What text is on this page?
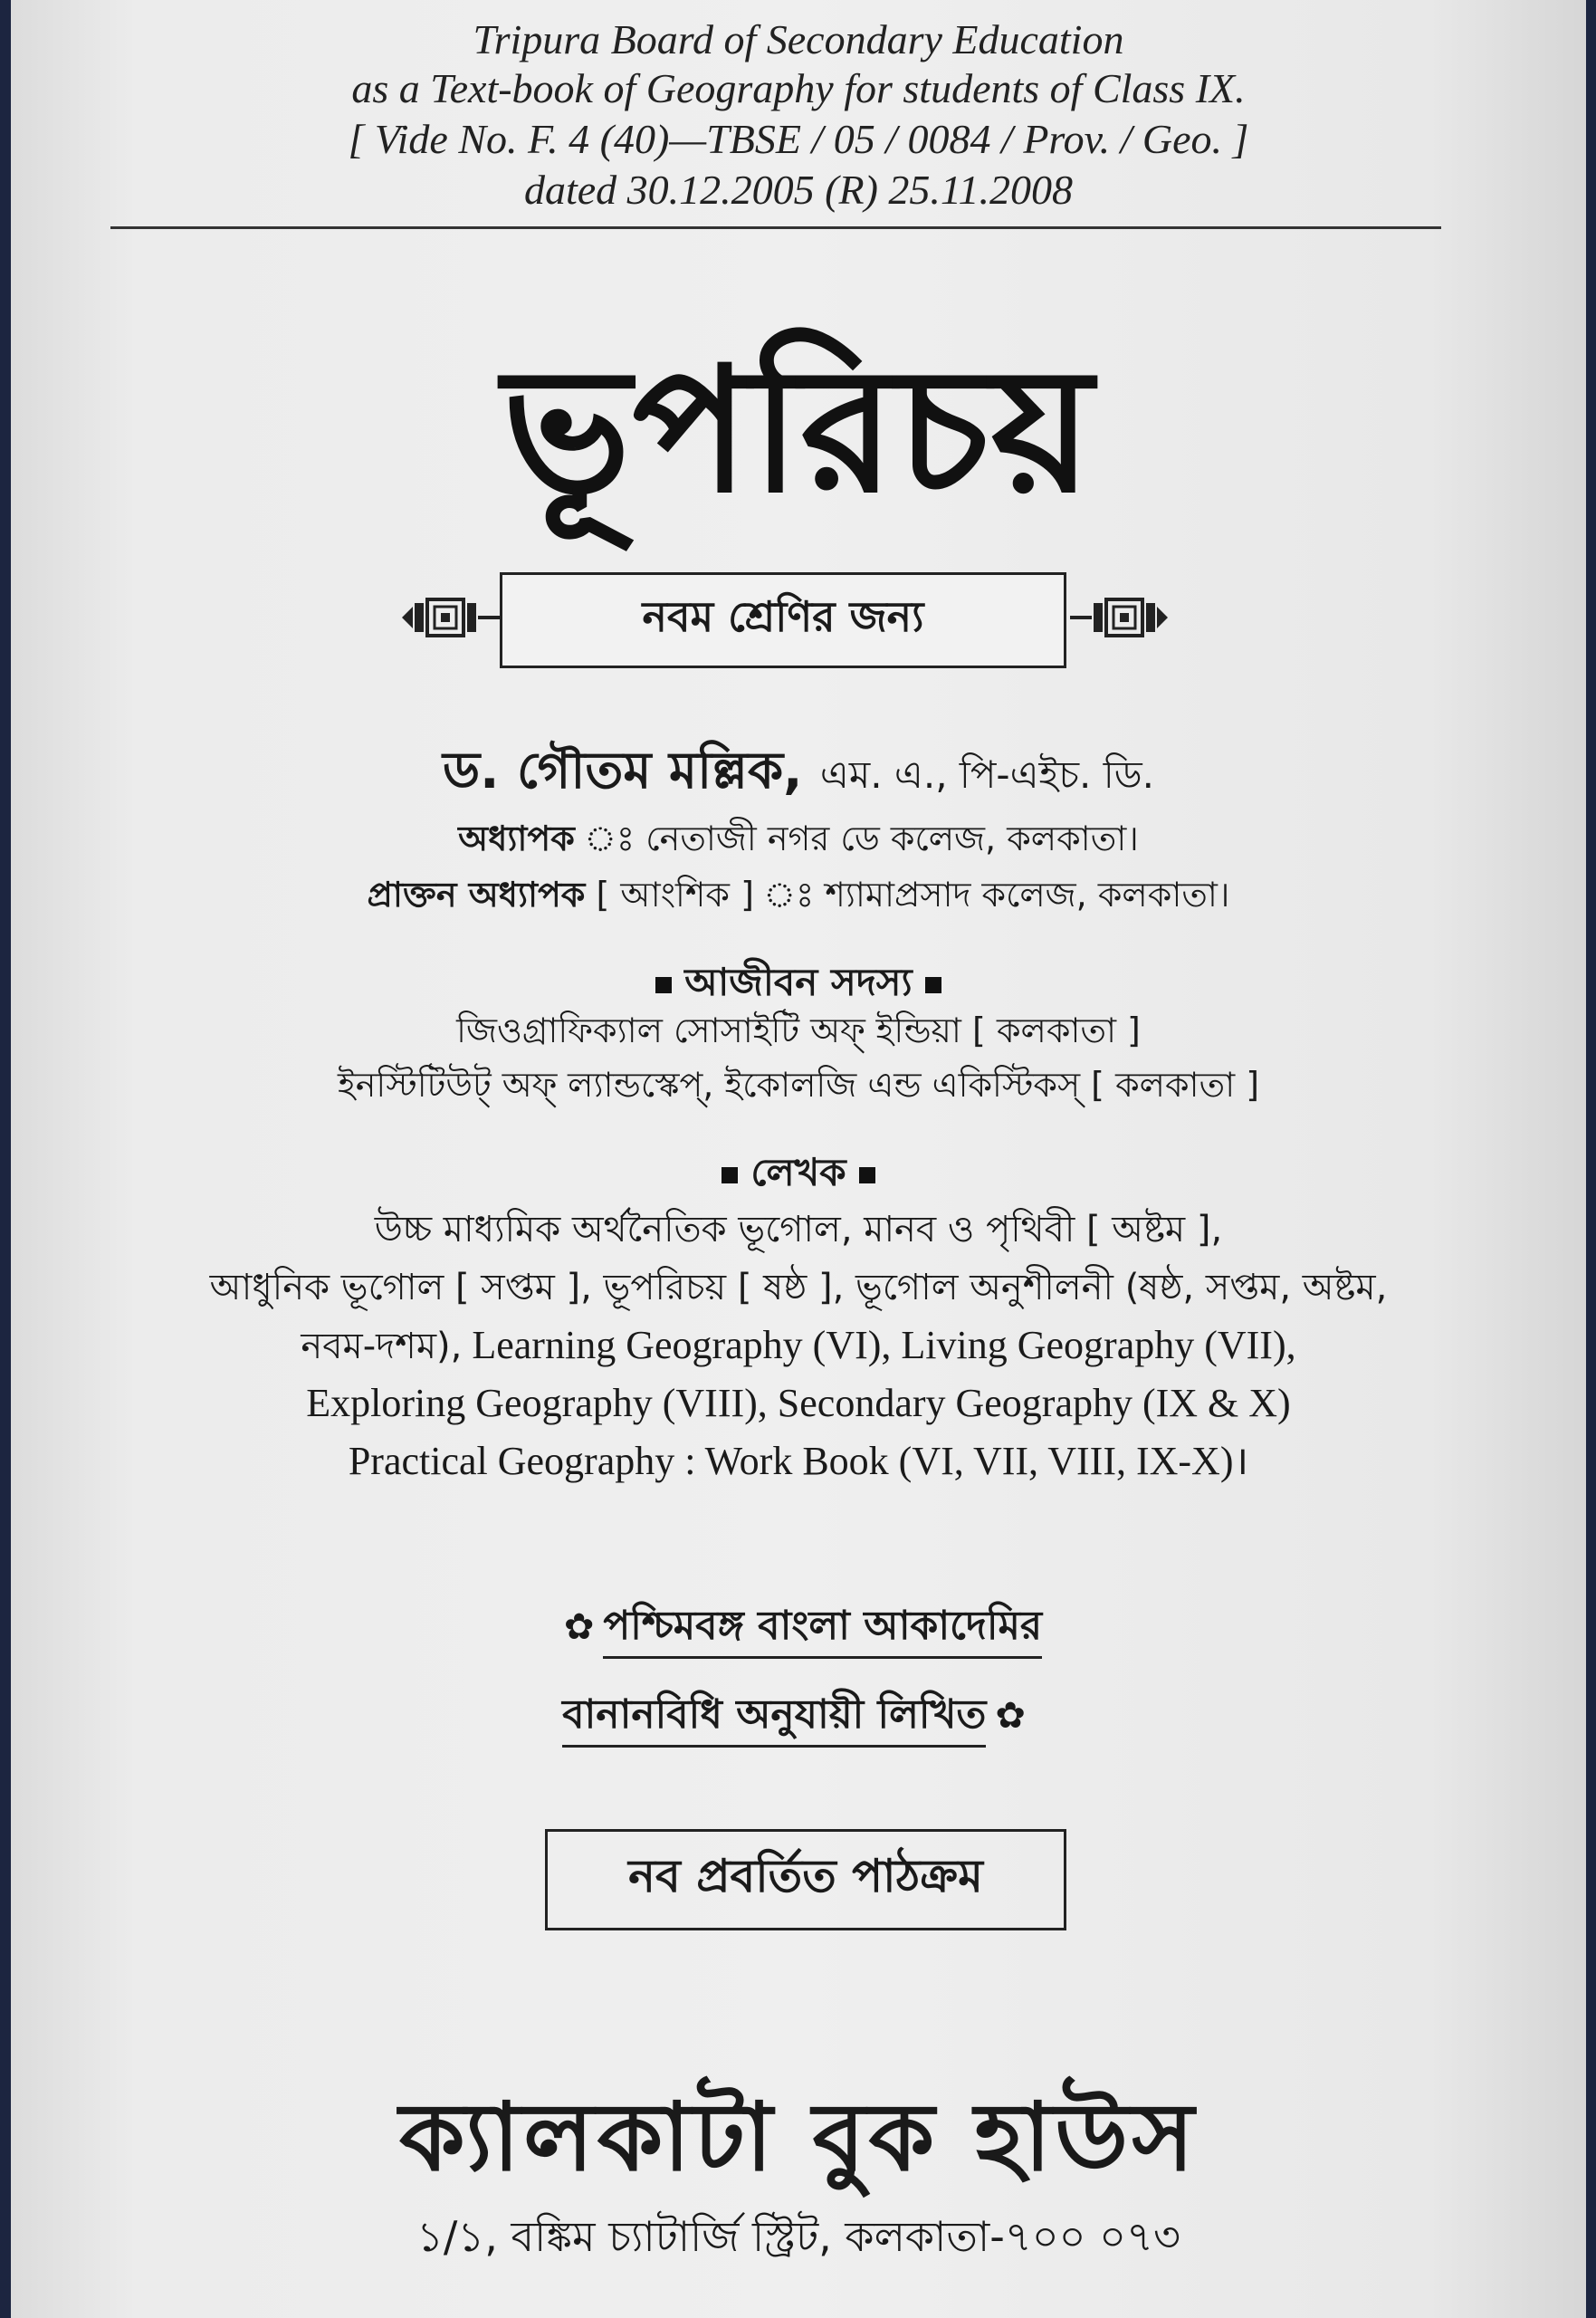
Tripura Board of Secondary Education
as a Text-book of Geography for students of Class IX.
[ Vide No. F. 4 (40)—TBSE / 05 / 0084 / Prov. / Geo. ]
dated 30.12.2005 (R) 25.11.2008
ভূপরিচয়
নবম শ্রেণির জন্য
ড. গৌতম মল্লিক, এম. এ., পি-এইচ. ডি.
অধ্যাপক ঃ নেতাজী নগর ডে কলেজ, কলকাতা।
প্রাক্তন অধ্যাপক [ আংশিক ] ঃ শ্যামাপ্রসাদ কলেজ, কলকাতা।
আজীবন সদস্য
জিওগ্রাফিক্যাল সোসাইটি অফ্ ইন্ডিয়া [ কলকাতা ]
ইনস্টিটিউট্ অফ্ ল্যান্ডস্কেপ্, ইকোলজি এন্ড একিস্টিকস্ [ কলকাতা ]
লেখক
উচ্চ মাধ্যমিক অর্থনৈতিক ভূগোল, মানব ও পৃথিবী [ অষ্টম ],
আধুনিক ভূগোল [ সপ্তম ], ভূপরিচয় [ ষষ্ঠ ], ভূগোল অনুশীলনী (ষষ্ঠ, সপ্তম, অষ্টম,
নবম-দশম), Learning Geography (VI), Living Geography (VII),
Exploring Geography (VIII), Secondary Geography (IX & X)
Practical Geography : Work Book (VI, VII, VIII, IX-X)।
✿ পশ্চিমবঙ্গ বাংলা আকাদেমির
বানানবিধি অনুযায়ী লিখিত ✿
নব প্রবর্তিত পাঠক্রম
ক্যালকাটা বুক হাউস
১/১, বঙ্কিম চ্যাটার্জি স্ট্রিট, কলকাতা-৭০০ ০৭৩
